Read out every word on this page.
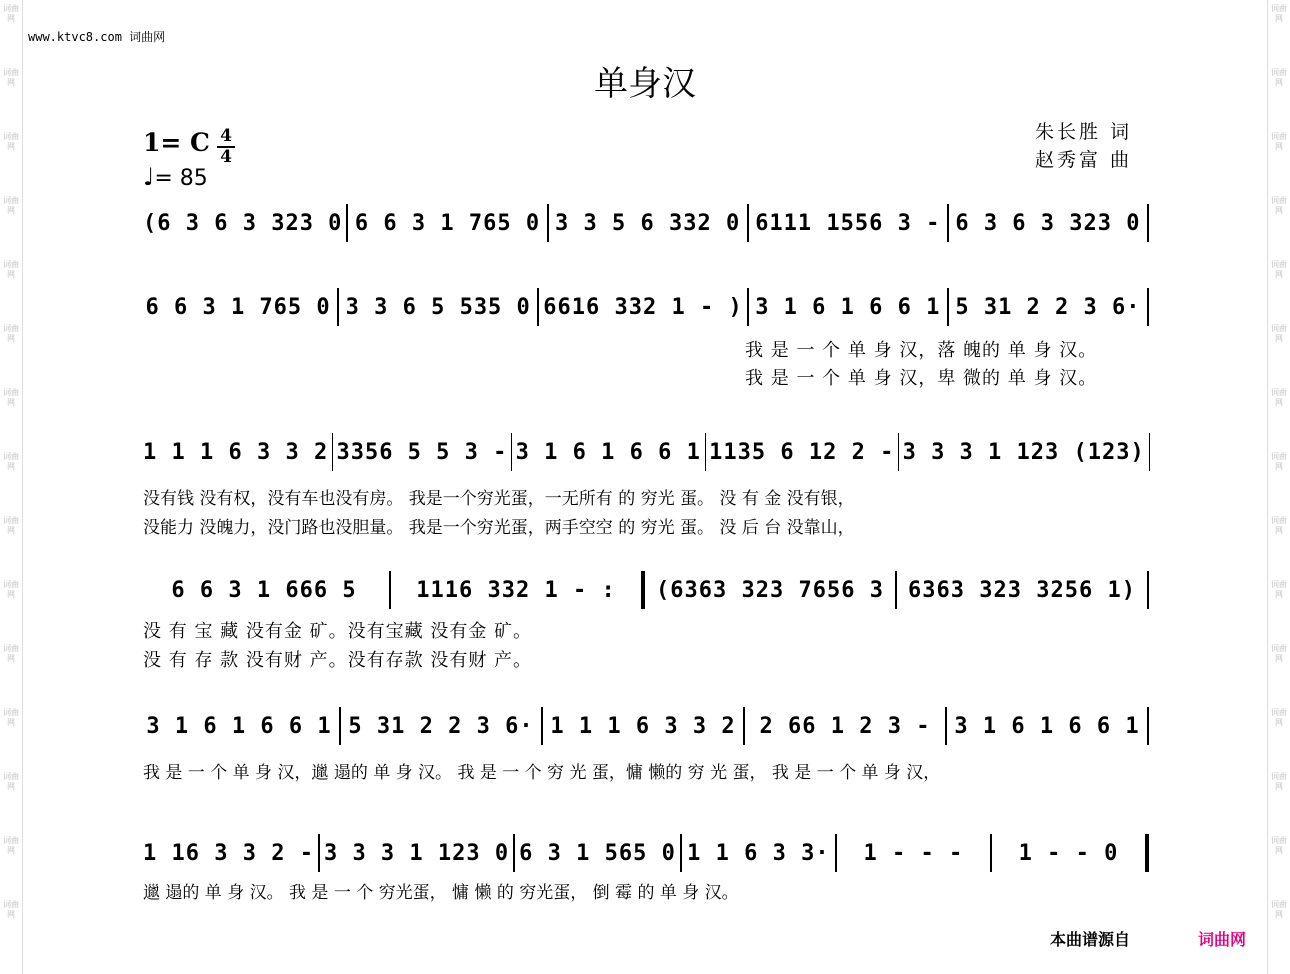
词曲网
词曲网
词曲网
词曲网
词曲网
词曲网
词曲网
词曲网
词曲网
词曲网
词曲网
词曲网
词曲网
词曲网
词曲网
词曲网
词曲网
词曲网
词曲网
词曲网
词曲网
词曲网
词曲网
词曲网
词曲网
词曲网
词曲网
词曲网
词曲网
词曲网
www.ktvc8.com 词曲网
单身汉
1= C 4
4
♩= 85
朱长胜 词
赵秀富 曲
(6 3 6 3 323 0 6 6 3 1 765 0 3 3 5 6 332 0 6111 1556 3 - 6 3 6 3 323 0
6 6 3 1 765 0 3 3 6 5 535 0 6616 332 1 - ) 3 1 6 1 6 6 1 5 31 2 2 3 6·
我 是 一 个 单 身 汉，落 魄的 单 身 汉。
我 是 一 个 单 身 汉，卑 微的 单 身 汉。
1 1 1 6 3 3 2 3356 5 5 3 - 3 1 6 1 6 6 1 1135 6 12 2 - 3 3 3 1 123 (123)
没有钱 没有权，没有车也没有房。 我是一个穷光蛋，一无所有 的 穷光 蛋。 没 有 金 没有银，
没能力 没魄力，没门路也没胆量。 我是一个穷光蛋，两手空空 的 穷光 蛋。 没 后 台 没靠山，
6 6 3 1 666 5	1116 332 1 - :	(6363 323 7656 3	6363 323 3256 1)
没 有 宝 藏 没有金 矿。没有宝藏 没有金 矿。
没 有 存 款 没有财 产。没有存款 没有财 产。
3 1 6 1 6 6 1 5 31 2 2 3 6· 1 1 1 6 3 3 2	2 66 1 2 3 -	3 1 6 1 6 6 1
我 是 一 个 单 身 汉，邋 遢的 单 身 汉。 我 是 一 个 穷 光 蛋，慵 懒的 穷 光 蛋， 我 是 一 个 单 身 汉，
1 16 3 3 2 - 3 3 3 1 123 0 6 3 1 565 0 1 1 6 3 3·	1 - - -	1 - - 0
邋 遢的 单 身 汉。 我 是 一 个 穷光蛋， 慵 懒 的 穷光蛋， 倒 霉 的 单 身 汉。
本曲谱源自	词曲网
